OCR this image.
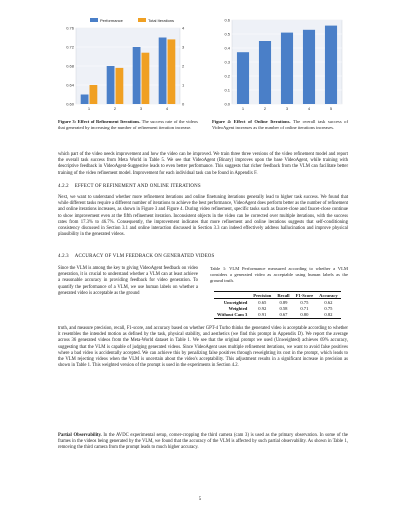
0.60	0
0.64	1
0.68	2
0.72	3
0.76	4
1	2	3	4
Performance	Total Iterations
Figure 3: Effect of Refinement Iterations. The success rate of the videos that generated by increasing the number of refinement iteration increase.
0.0
0.1
0.2
0.3
0.4
0.5
0.6
1	2	3	4	5
Figure 4: Effect of Online Iterations. The overall task success of VideoAgent increases as the number of online iterations increases.

which part of the video needs improvement and how the video can be improved. We train three three versions of the video refinement model and report the overall task success from Meta World in Table 5. We see that VideoAgent (Binary) improves upon the base VideoAgent, while training with descriptive feedback in VideoAgent-Suggestive leads to even better performance. This suggests that richer feedback from the VLM can facilitate better training of the video refinement model. Improvement for each individual task can be found in Appendix F.

4.2.2 EFFECT OF REFINEMENT AND ONLINE ITERATIONS

Next, we want to understand whether more refinement iterations and online finetuning iterations generally lead to higher task success. We found that while different tasks require a different number of iterations to achieve the best performance, VideoAgent does perform better as the number of refinement and online iterations increases, as shown in Figure 3 and Figure 4. During video refinement, specific tasks such as faucet-close and faucet-close continue to show improvement even at the fifth refinement iteration. Inconsistent objects in the video can be corrected over multiple iterations, with the success rates from 17.3% to 46.7%. Consequently, the improvement indicates that more refinement and online iterations suggests that self-conditioning consistency discussed in Section 3.1 and online interaction discussed in Section 3.3 can indeed effectively address hallucination and improve physical plausibility in the generated videos.

4.2.3 ACCURACY OF VLM FEEDBACK ON GENERATED VIDEOS

Since the VLM is among the key to giving VideoAgent feedback on video generation, it is crucial to understand whether a VLM can at least achieve a reasonable accuracy in providing feedback for video generation. To quantify the performance of a VLM, we use human labels on whether a generated video is acceptable as the ground

Table 1: VLM Performance measured according to whether a VLM considers a generated video as acceptable using human labels as the ground truth.
	Precision	Recall	F1-Score	Accuracy
Unweighted	0.65	0.89	0.75	0.62
Weighted	0.92	0.58	0.71	0.75
Without Cam 3	0.91	0.67	0.80	0.82

truth, and measure precision, recall, F1-score, and accuracy based on whether GPT-4 Turbo thinks the generated video is acceptable according to whether it resembles the intended motion as defined by the task, physical stability, and aesthetics (we find this prompt in Appendix D). We report the average across 36 generated videos from the Meta-World dataset in Table 1. We see that the original prompt we used (Unweighted) achieves 69% accuracy, suggesting that the VLM is capable of judging generated videos. Since VideoAgent uses multiple refinement iterations, we want to avoid false positives where a bad video is accidentally accepted. We can achieve this by penalizing false positives through reweighting its cost in the prompt, which leads to the VLM rejecting videos when the VLM is uncertain about the video's acceptability. This adjustment results in a significant increase in precision as shown in Table 1. This weighted version of the prompt is used in the experiments in Section 4.2.

Partial Observability. In the AVDC experimental setup, corner-cropping the third camera (cam 3) is used as the primary observation. In some of the frames in the videos being generated by the VLM, we found that the accuracy of the VLM is affected by such partial observability. As shown in Table 1, removing the third camera from the prompt leads to much higher accuracy.

5
